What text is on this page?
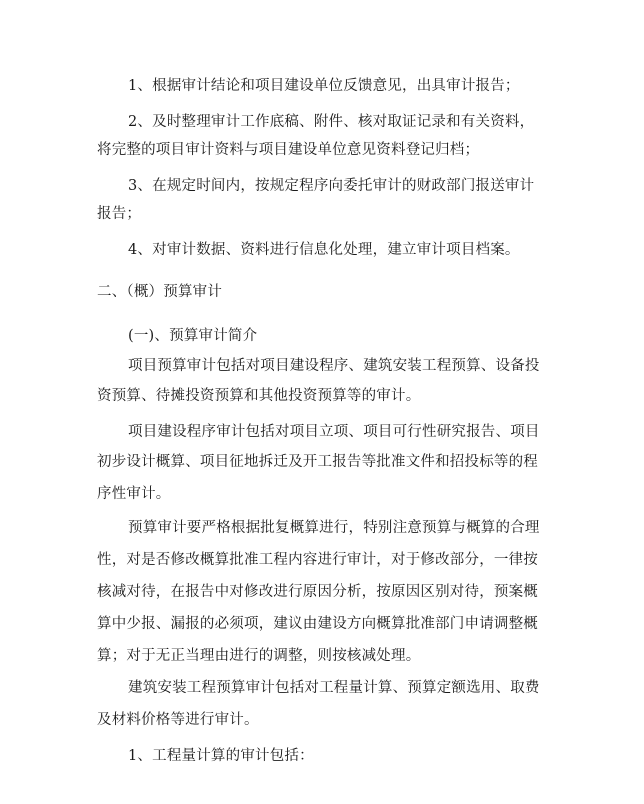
1、根据审计结论和项目建设单位反馈意见，出具审计报告；

2、及时整理审计工作底稿、附件、核对取证记录和有关资料，

将完整的项目审计资料与项目建设单位意见资料登记归档；

3、在规定时间内，按规定程序向委托审计的财政部门报送审计

报告；

4、对审计数据、资料进行信息化处理，建立审计项目档案。

二、（概）预算审计

(一)、预算审计简介

项目预算审计包括对项目建设程序、建筑安装工程预算、设备投

资预算、待摊投资预算和其他投资预算等的审计。

项目建设程序审计包括对项目立项、项目可行性研究报告、项目

初步设计概算、项目征地拆迁及开工报告等批准文件和招投标等的程

序性审计。

预算审计要严格根据批复概算进行，特别注意预算与概算的合理

性，对是否修改概算批准工程内容进行审计，对于修改部分，一律按

核减对待，在报告中对修改进行原因分析，按原因区别对待，预案概

算中少报、漏报的必须项，建议由建设方向概算批准部门申请调整概

算；对于无正当理由进行的调整，则按核减处理。

建筑安装工程预算审计包括对工程量计算、预算定额选用、取费

及材料价格等进行审计。

1、工程量计算的审计包括：
